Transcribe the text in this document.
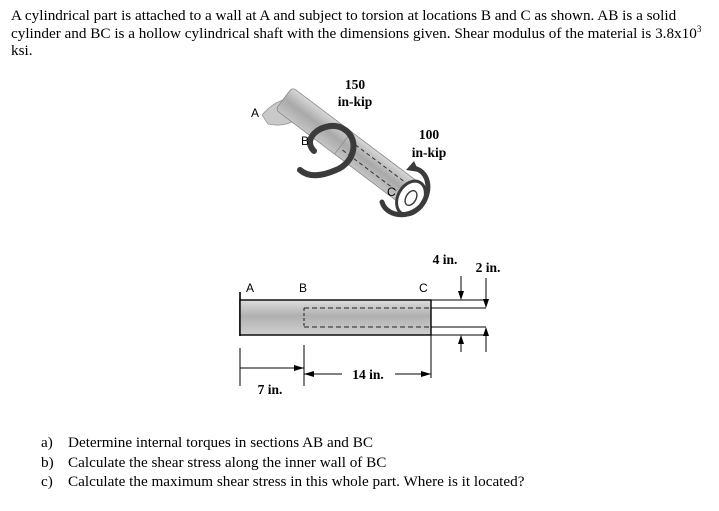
A cylindrical part is attached to a wall at A and subject to torsion at locations B and C as shown. AB is a solid cylinder and BC is a hollow cylindrical shaft with the dimensions given. Shear modulus of the material is $3.8x10^3$ ksi.
A
B
C
150
in-kip
100
in-kip
A	B	C
4 in.
2 in.
7 in.
14 in.
a) Determine internal torques in sections AB and BC
b) Calculate the shear stress along the inner wall of BC
c) Calculate the maximum shear stress in this whole part. Where is it located?
